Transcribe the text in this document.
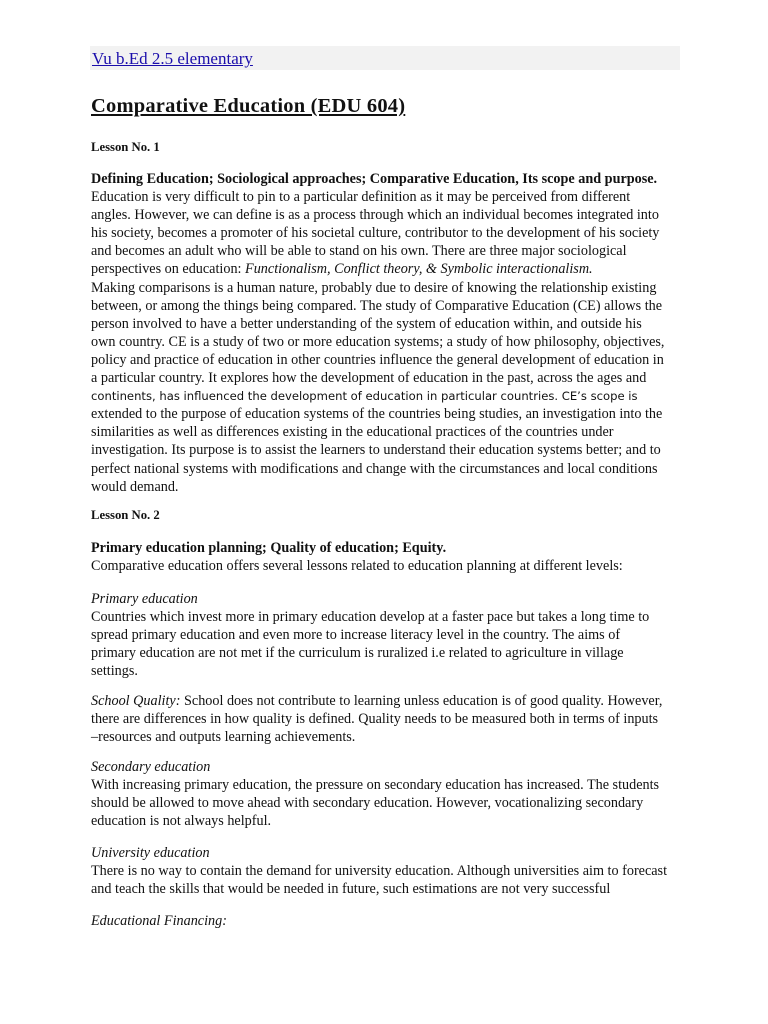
Vu b.Ed 2.5 elementary
Comparative Education (EDU 604)

Lesson No. 1

Defining Education; Sociological approaches; Comparative Education, Its scope and purpose.
Education is very difficult to pin to a particular definition as it may be perceived from different
angles. However, we can define is as a process through which an individual becomes integrated into
his society, becomes a promoter of his societal culture, contributor to the development of his society
and becomes an adult who will be able to stand on his own. There are three major sociological
perspectives on education: Functionalism, Conflict theory, & Symbolic interactionalism.
Making comparisons is a human nature, probably due to desire of knowing the relationship existing
between, or among the things being compared. The study of Comparative Education (CE) allows the
person involved to have a better understanding of the system of education within, and outside his
own country. CE is a study of two or more education systems; a study of how philosophy, objectives,
policy and practice of education in other countries influence the general development of education in
a particular country. It explores how the development of education in the past, across the ages and
continents, has influenced the development of education in particular countries. CE’s scope is
extended to the purpose of education systems of the countries being studies, an investigation into the
similarities as well as differences existing in the educational practices of the countries under
investigation. Its purpose is to assist the learners to understand their education systems better; and to
perfect national systems with modifications and change with the circumstances and local conditions
would demand.

Lesson No. 2

Primary education planning; Quality of education; Equity.
Comparative education offers several lessons related to education planning at different levels:
Primary education
Countries which invest more in primary education develop at a faster pace but takes a long time to
spread primary education and even more to increase literacy level in the country. The aims of
primary education are not met if the curriculum is ruralized i.e related to agriculture in village
settings.
School Quality: School does not contribute to learning unless education is of good quality. However,
there are differences in how quality is defined. Quality needs to be measured both in terms of inputs
–resources and outputs learning achievements.
Secondary education
With increasing primary education, the pressure on secondary education has increased. The students
should be allowed to move ahead with secondary education. However, vocationalizing secondary
education is not always helpful.
University education
There is no way to contain the demand for university education. Although universities aim to forecast
and teach the skills that would be needed in future, such estimations are not very successful
Educational Financing:
